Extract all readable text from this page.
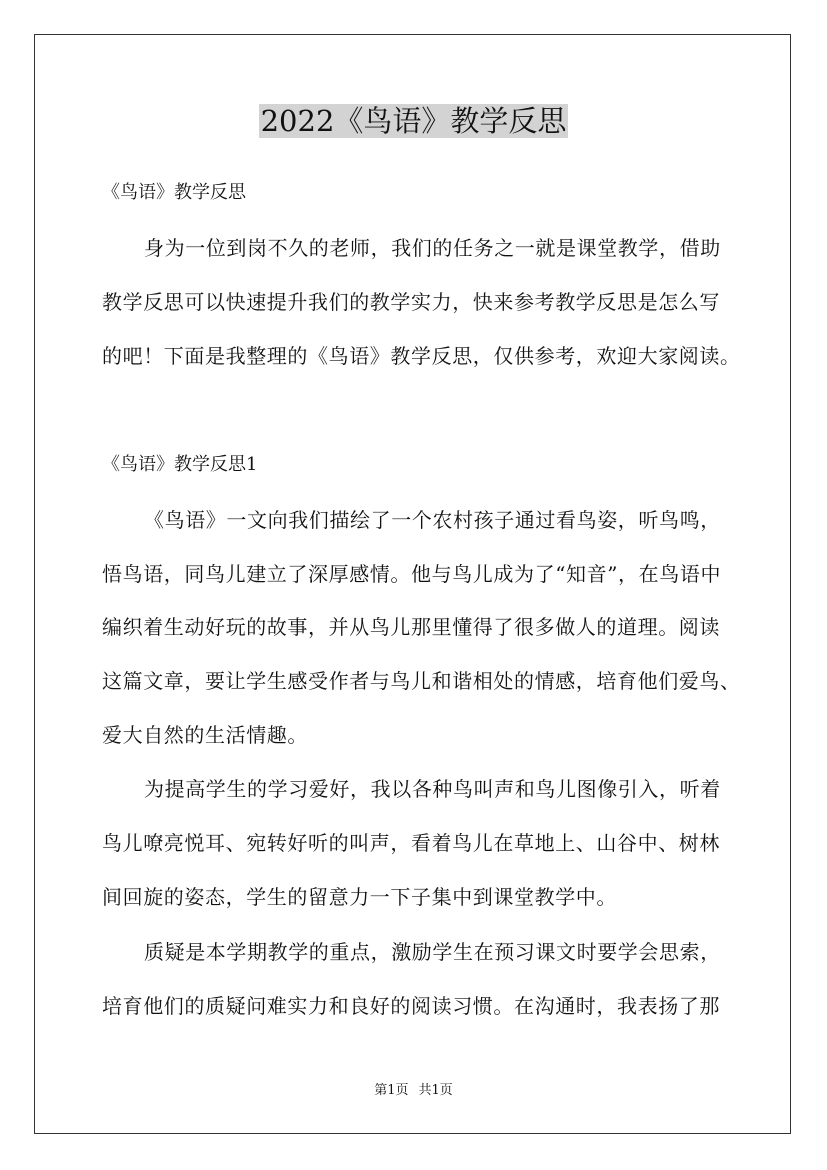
2022《鸟语》教学反思
《鸟语》教学反思
身为一位到岗不久的老师，我们的任务之一就是课堂教学，借助
教学反思可以快速提升我们的教学实力，快来参考教学反思是怎么写
的吧！下面是我整理的《鸟语》教学反思，仅供参考，欢迎大家阅读。
《鸟语》教学反思1
《鸟语》一文向我们描绘了一个农村孩子通过看鸟姿，听鸟鸣，
悟鸟语，同鸟儿建立了深厚感情。他与鸟儿成为了“知音”，在鸟语中
编织着生动好玩的故事，并从鸟儿那里懂得了很多做人的道理。阅读
这篇文章，要让学生感受作者与鸟儿和谐相处的情感，培育他们爱鸟、
爱大自然的生活情趣。
为提高学生的学习爱好，我以各种鸟叫声和鸟儿图像引入，听着
鸟儿嘹亮悦耳、宛转好听的叫声，看着鸟儿在草地上、山谷中、树林
间回旋的姿态，学生的留意力一下子集中到课堂教学中。
质疑是本学期教学的重点，激励学生在预习课文时要学会思索，
培育他们的质疑问难实力和良好的阅读习惯。在沟通时，我表扬了那
第1页 共1页
